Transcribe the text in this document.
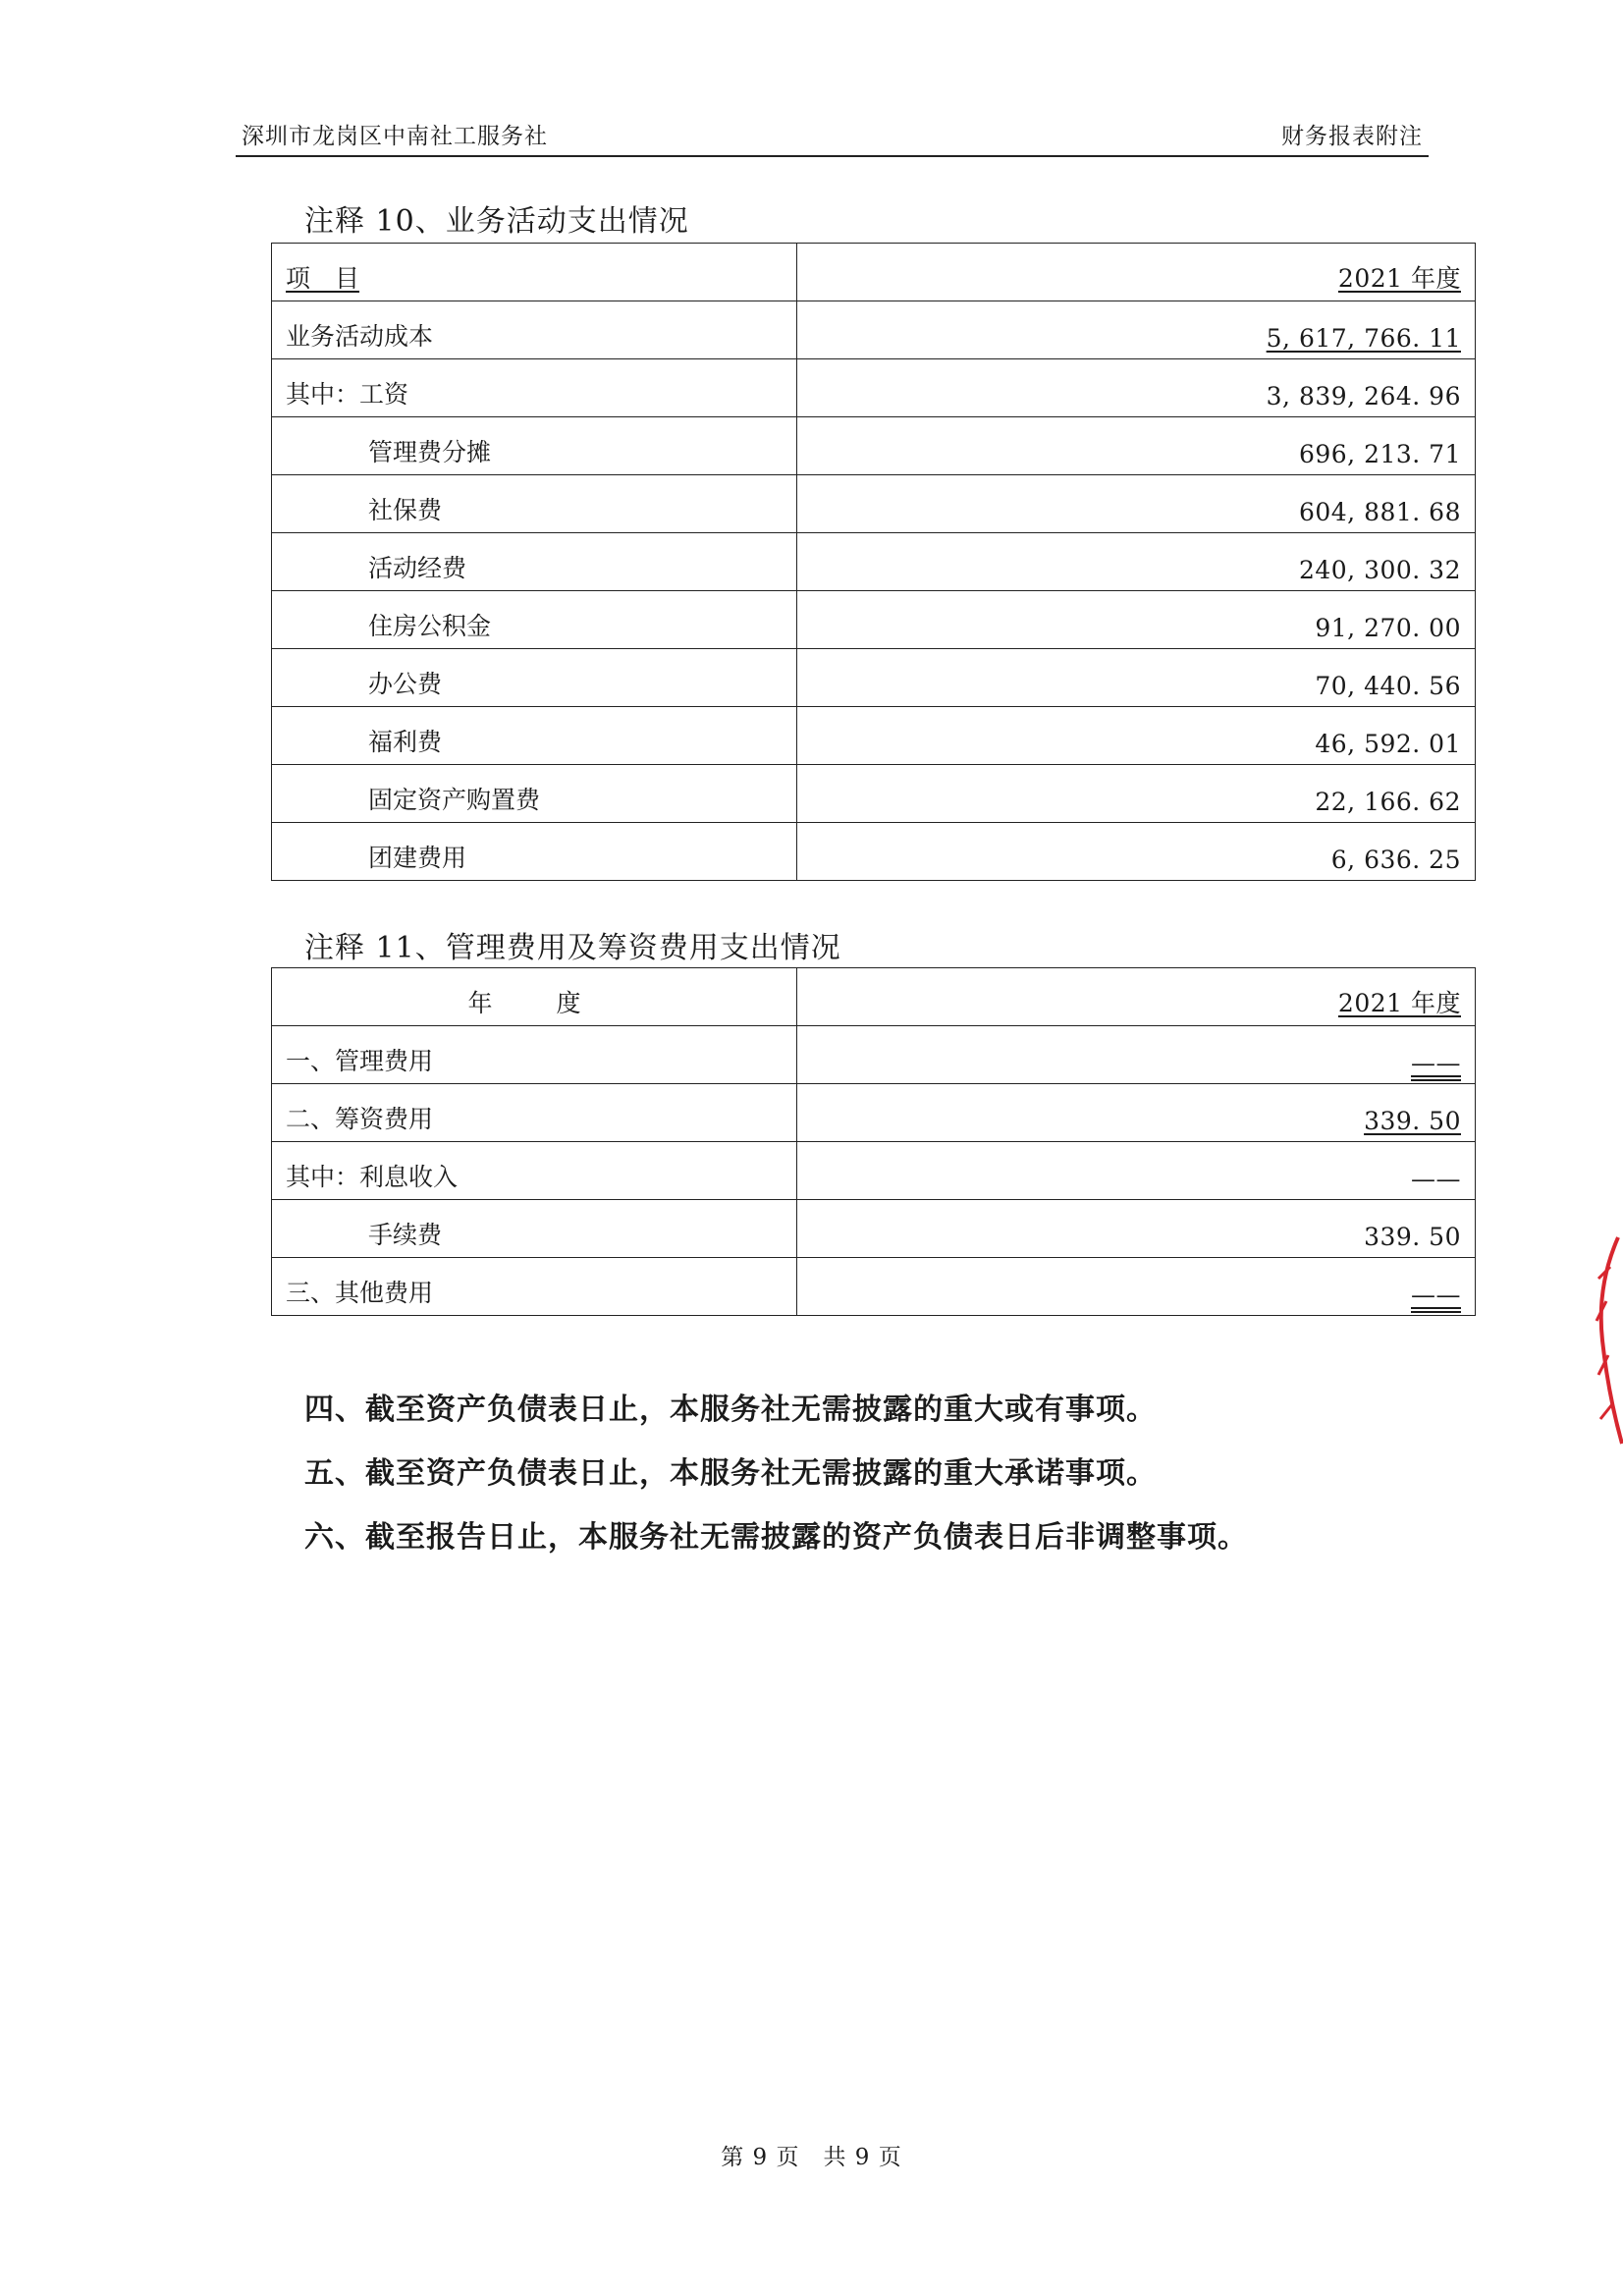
深圳市龙岗区中南社工服务社	财务报表附注
注释 10、业务活动支出情况
项　目	2021 年度
业务活动成本	5, 617, 766. 11
其中：工资	3, 839, 264. 96
管理费分摊	696, 213. 71
社保费	604, 881. 68
活动经费	240, 300. 32
住房公积金	91, 270. 00
办公费	70, 440. 56
福利费	46, 592. 01
固定资产购置费	22, 166. 62
团建费用	6, 636. 25
注释 11、管理费用及筹资费用支出情况
年　度	2021 年度
一、管理费用	——
二、筹资费用	339. 50
其中：利息收入	——
手续费	339. 50
三、其他费用	——
四、截至资产负债表日止，本服务社无需披露的重大或有事项。
五、截至资产负债表日止，本服务社无需披露的重大承诺事项。
六、截至报告日止，本服务社无需披露的资产负债表日后非调整事项。
第 9 页　共 9 页
